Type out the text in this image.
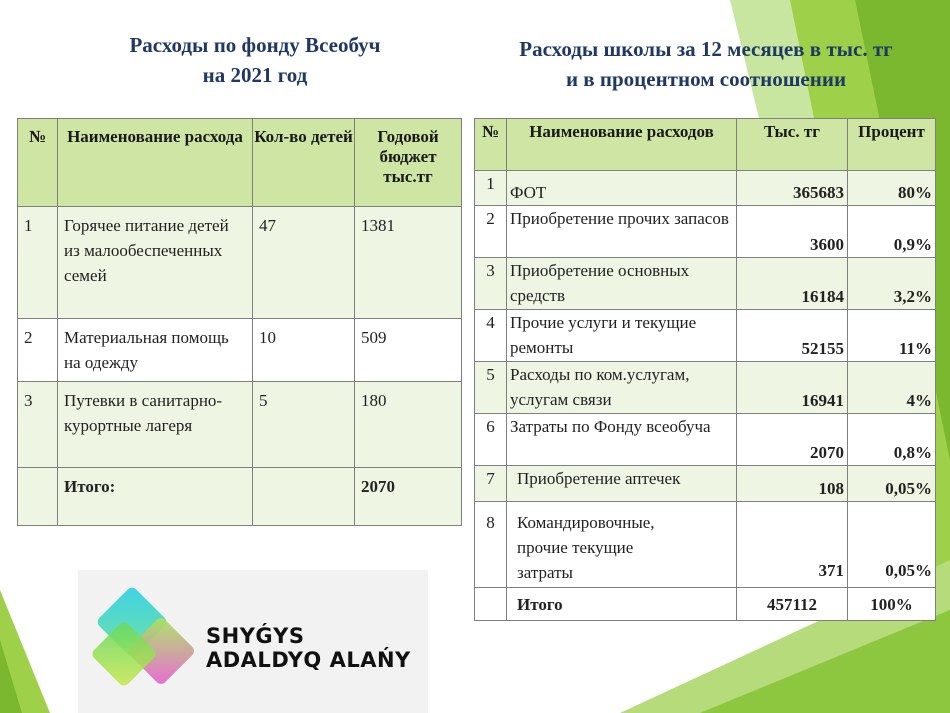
Расходы по фонду Всеобуч
на 2021 год
Расходы школы за 12 месяцев в тыс. тг
и в процентном соотношении
№	Наименование расхода	Кол-во детей	Годовой бюджет тыс.тг
1	Горячее питание детей из малообеспеченных семей	47	1381
2	Материальная помощь на одежду	10	509
3	Путевки в санитарно-курортные лагеря	5	180
	Итого:		2070
№	Наименование расходов	Тыс. тг	Процент
1	ФОТ	365683	80%
2	Приобретение прочих запасов	3600	0,9%
3	Приобретение основных средств	16184	3,2%
4	Прочие услуги и текущие ремонты	52155	11%
5	Расходы по ком.услугам, услугам связи	16941	4%
6	Затраты по Фонду всеобуча	2070	0,8%
7	Приобретение аптечек	108	0,05%
8	Командировочные, прочие текущие затраты	371	0,05%
	Итого	457112	100%
SHYǴYS
ADALDYQ ALAŃY
